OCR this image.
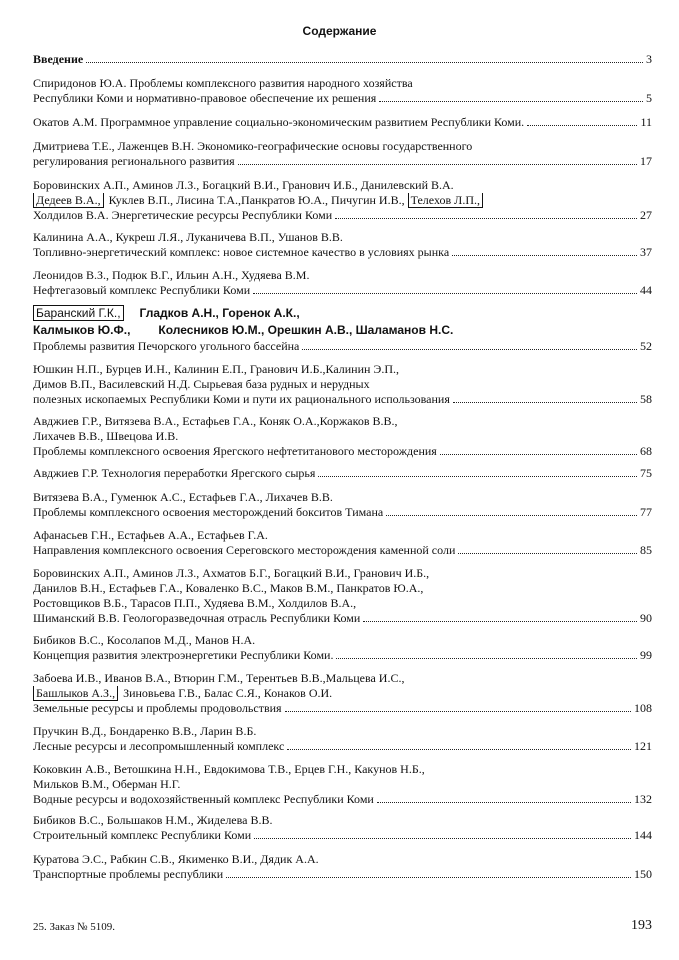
Содержание
Введение	3
Спиридонов Ю.А. Проблемы комплексного развития народного хозяйства
Республики Коми и нормативно-правовое обеспечение их решения	5
Окатов А.М. Программное управление социально-экономическим развитием Республики Коми.	11
Дмитриева Т.Е., Лаженцев В.Н. Экономико-географические основы государственного
регулирования регионального развития	17
Боровинских А.П., Аминов Л.З., Богацкий В.И., Гранович И.Б., Данилевский В.А.
Дедеев В.А., Куклев В.П., Лисина Т.А.,Панкратов Ю.А., Пичугин И.В., Телехов Л.П.,
Холдилов В.А. Энергетические ресурсы Республики Коми	27
Калинина А.А., Кукреш Л.Я., Луканичева В.П., Ушанов В.В.
Топливно-энергетический комплекс: новое системное качество в условиях рынка	37
Леонидов В.З., Подюк В.Г., Ильин А.Н., Худяева В.М.
Нефтегазовый комплекс Республики Коми	44
Баранский Г.К., Гладков А.Н., Горенок А.К.,
Калмыков Ю.Ф., Колесников Ю.М., Орешкин А.В., Шаламанов Н.С.
Проблемы развития Печорского угольного бассейна	52
Юшкин Н.П., Бурцев И.Н., Калинин Е.П., Гранович И.Б.,Калинин Э.П.,
Димов В.П., Василевский Н.Д. Сырьевая база рудных и нерудных
полезных ископаемых Республики Коми и пути их рационального использования	58
Авджиев Г.Р., Витязева В.А., Естафьев Г.А., Коняк О.А.,Коржаков В.В.,
Лихачев В.В., Швецова И.В.
Проблемы комплексного освоения Ярегского нефтетитанового месторождения	68
Авджиев Г.Р. Технология переработки Ярегского сырья	75
Витязева В.А., Гуменюк А.С., Естафьев Г.А., Лихачев В.В.
Проблемы комплексного освоения месторождений бокситов Тимана	77
Афанасьев Г.Н., Естафьев А.А., Естафьев Г.А.
Направления комплексного освоения Сереговского месторождения каменной соли	85
Боровинских А.П., Аминов Л.З., Ахматов Б.Г., Богацкий В.И., Гранович И.Б.,
Данилов В.Н., Естафьев Г.А., Коваленко В.С., Маков В.М., Панкратов Ю.А.,
Ростовщиков В.Б., Тарасов П.П., Худяева В.М., Холдилов В.А.,
Шиманский В.В. Геологоразведочная отрасль Республики Коми	90
Бибиков В.С., Косолапов М.Д., Манов Н.А.
Концепция развития электроэнергетики Республики Коми.	99
Забоева И.В., Иванов В.А., Втюрин Г.М., Терентьев В.В.,Мальцева И.С.,
Башлыков А.З., Зиновьева Г.В., Балас С.Я., Конаков О.И.
Земельные ресурсы и проблемы продовольствия	108
Пручкин В.Д., Бондаренко В.В., Ларин В.Б.
Лесные ресурсы и лесопромышленный комплекс	121
Коковкин А.В., Ветошкина Н.Н., Евдокимова Т.В., Ерцев Г.Н., Какунов Н.Б.,
Мильков В.М., Оберман Н.Г.
Водные ресурсы и водохозяйственный комплекс Республики Коми	132
Бибиков В.С., Большаков Н.М., Жиделева В.В.
Строительный комплекс Республики Коми	144
Куратова Э.С., Рабкин С.В., Якименко В.И., Дядик А.А.
Транспортные проблемы республики	150
25. Заказ № 5109.	193
